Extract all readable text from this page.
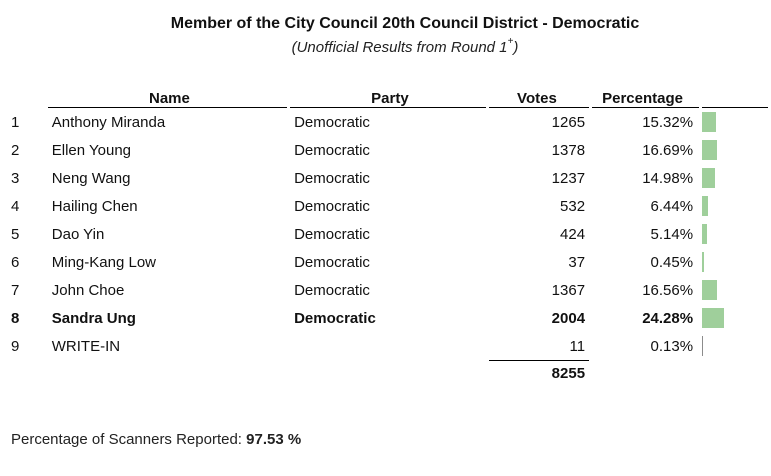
Member of the City Council 20th Council District - Democratic
(Unofficial Results from Round 1+)
	Name	Party	Votes	Percentage	
1	Anthony Miranda	Democratic	1265	15.32%	
2	Ellen Young	Democratic	1378	16.69%	
3	Neng Wang	Democratic	1237	14.98%	
4	Hailing Chen	Democratic	532	6.44%	
5	Dao Yin	Democratic	424	5.14%	
6	Ming-Kang Low	Democratic	37	0.45%	
7	John Choe	Democratic	1367	16.56%	
8	Sandra Ung	Democratic	2004	24.28%	
9	WRITE-IN		11	0.13%	
			8255		
Percentage of Scanners Reported: 97.53 %
